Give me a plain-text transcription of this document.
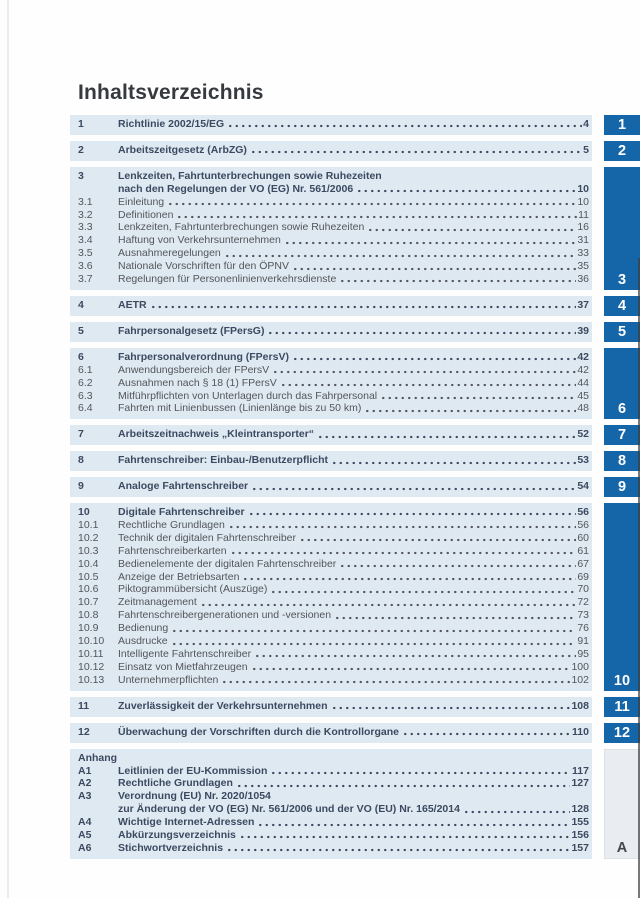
Inhaltsverzeichnis
1	Richtlinie 2002/15/EG	4	1
2	Arbeitszeitgesetz (ArbZG)	5	2
3	Lenkzeiten, Fahrtunterbrechungen sowie Ruhezeiten
nach den Regelungen der VO (EG) Nr. 561/2006	10
3.1	Einleitung	10
3.2	Definitionen	11
3.3	Lenkzeiten, Fahrtunterbrechungen sowie Ruhezeiten	16
3.4	Haftung von Verkehrsunternehmen	31
3.5	Ausnahmeregelungen	33
3.6	Nationale Vorschriften für den ÖPNV	35
3.7	Regelungen für Personenlinienverkehrsdienste	36	3
4	AETR	37	4
5	Fahrpersonalgesetz (FPersG)	39	5
6	Fahrpersonalverordnung (FPersV)	42
6.1	Anwendungsbereich der FPersV	42
6.2	Ausnahmen nach § 18 (1) FPersV	44
6.3	Mitführpflichten von Unterlagen durch das Fahrpersonal	45
6.4	Fahrten mit Linienbussen (Linienlänge bis zu 50 km)	48	6
7	Arbeitszeitnachweis „Kleintransporter“	52	7
8	Fahrtenschreiber: Einbau-/Benutzerpflicht	53	8
9	Analoge Fahrtenschreiber	54	9
10	Digitale Fahrtenschreiber	56
10.1	Rechtliche Grundlagen	56
10.2	Technik der digitalen Fahrtenschreiber	60
10.3	Fahrtenschreiberkarten	61
10.4	Bedienelemente der digitalen Fahrtenschreiber	67
10.5	Anzeige der Betriebsarten	69
10.6	Piktogrammübersicht (Auszüge)	70
10.7	Zeitmanagement	72
10.8	Fahrtenschreibergenerationen und -versionen	73
10.9	Bedienung	76
10.10	Ausdrucke	91
10.11	Intelligente Fahrtenschreiber	95
10.12	Einsatz von Mietfahrzeugen	100
10.13	Unternehmerpflichten	102	10
11	Zuverlässigkeit der Verkehrsunternehmen	108	11
12	Überwachung der Vorschriften durch die Kontrollorgane	110	12
Anhang
A1	Leitlinien der EU-Kommission	117
A2	Rechtliche Grundlagen	127
A3	Verordnung (EU) Nr. 2020/1054
zur Änderung der VO (EG) Nr. 561/2006 und der VO (EU) Nr. 165/2014	128
A4	Wichtige Internet-Adressen	155
A5	Abkürzungsverzeichnis	156
A6	Stichwortverzeichnis	157	A
